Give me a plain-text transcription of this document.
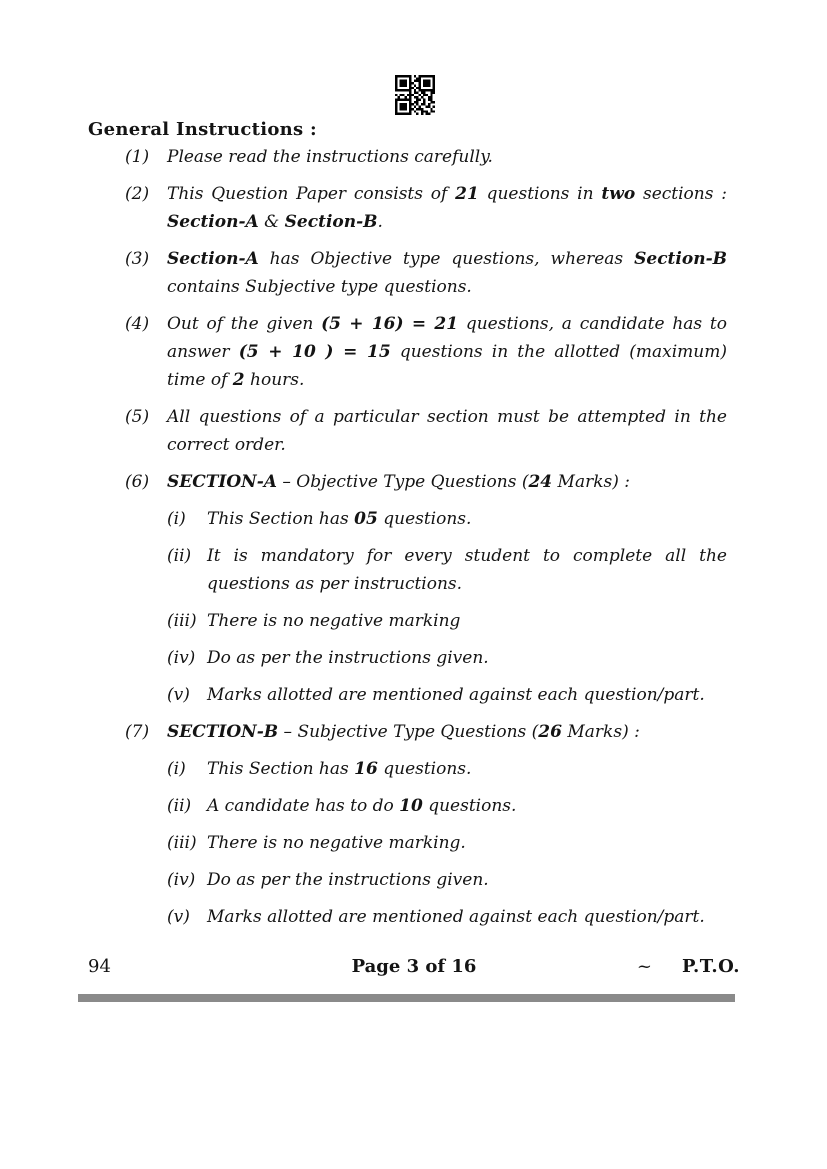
General Instructions :
(1)	Please read the instructions carefully.
(2)	This Question Paper consists of 21 questions in two sections : Section-A & Section-B.
(3)	Section-A has Objective type questions, whereas Section-B contains Subjective type questions.
(4)	Out of the given (5 + 16) = 21 questions, a candidate has to answer (5 + 10 ) = 15 questions in the allotted (maximum) time of 2 hours.
(5)	All questions of a particular section must be attempted in the correct order.
(6)	SECTION-A – Objective Type Questions (24 Marks) :
(i)	This Section has 05 questions.
(ii) It is mandatory for every student to complete all the questions as per instructions.
(iii) There is no negative marking
(iv) Do as per the instructions given.
(v)	Marks allotted are mentioned against each question/part.
(7)	SECTION-B – Subjective Type Questions (26 Marks) :
(i)	This Section has 16 questions.
(ii) A candidate has to do 10 questions.
(iii) There is no negative marking.
(iv) Do as per the instructions given.
(v)	Marks allotted are mentioned against each question/part.
94	Page 3 of 16	~ P.T.O.
